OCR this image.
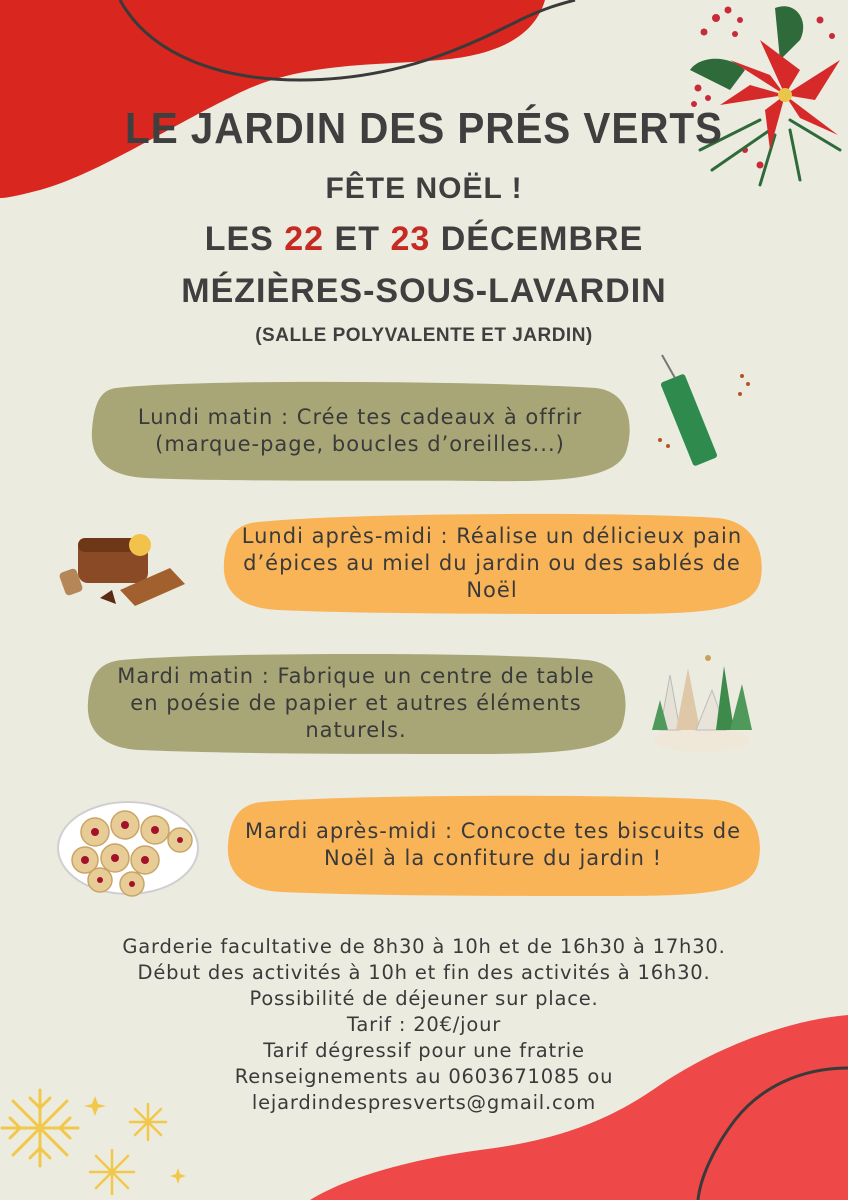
LE JARDIN DES PRÉS VERTS
FÊTE NOËL !
LES 22 ET 23 DÉCEMBRE
MÉZIÈRES-SOUS-LAVARDIN
(SALLE POLYVALENTE ET JARDIN)
Lundi matin : Crée tes cadeaux à offrir (marque-page, boucles d’oreilles...)
Lundi après-midi : Réalise un délicieux pain d’épices au miel du jardin ou des sablés de Noël
Mardi matin : Fabrique un centre de table en poésie de papier et autres éléments naturels.
Mardi après-midi : Concocte tes biscuits de Noël à la confiture du jardin !
Garderie facultative de 8h30 à 10h et de 16h30 à 17h30.
Début des activités à 10h et fin des activités à 16h30.
Possibilité de déjeuner sur place.
Tarif : 20€/jour
Tarif dégressif pour une fratrie
Renseignements au 0603671085 ou
lejardindespresverts@gmail.com
